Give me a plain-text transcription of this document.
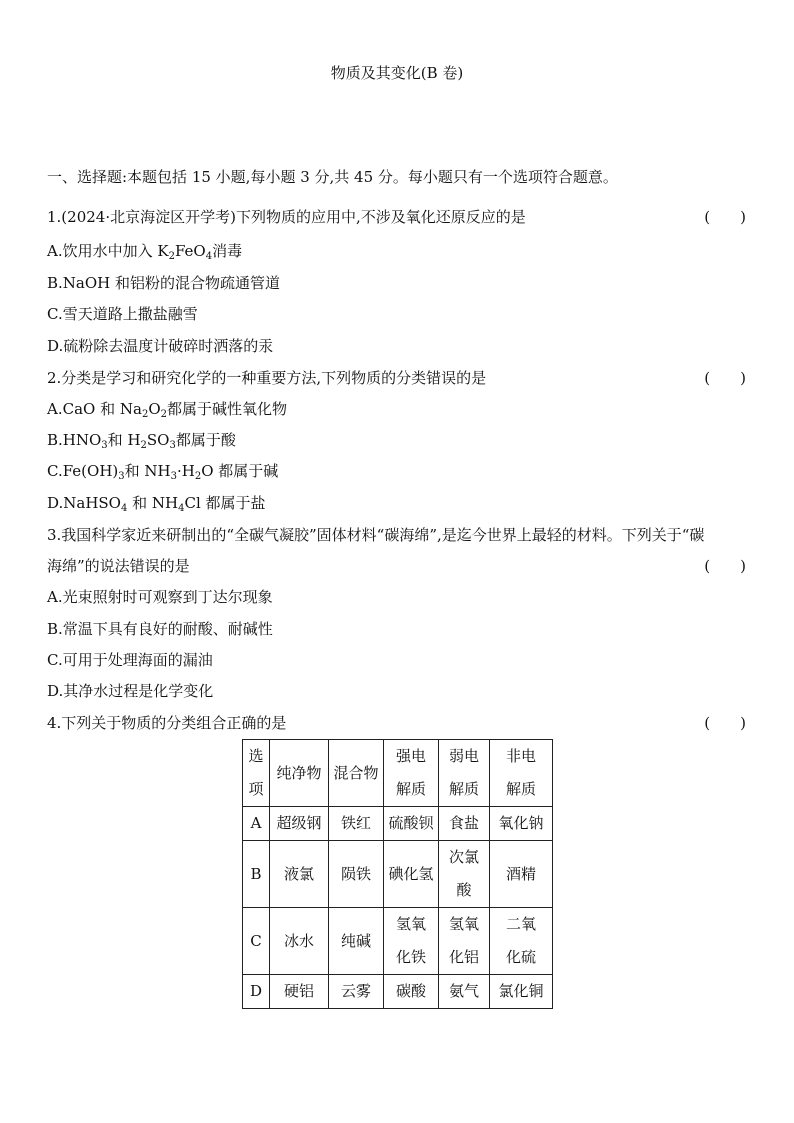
物质及其变化(B 卷)
一、选择题:本题包括 15 小题,每小题 3 分,共 45 分。每小题只有一个选项符合题意。
1.(2024·北京海淀区开学考)下列物质的应用中,不涉及氧化还原反应的是	(　　)
A.饮用水中加入 $K_2FeO_4$消毒
B.NaOH 和铝粉的混合物疏通管道
C.雪天道路上撒盐融雪
D.硫粉除去温度计破碎时洒落的汞
2.分类是学习和研究化学的一种重要方法,下列物质的分类错误的是	(　　)
A.CaO 和 $Na_2O_2$都属于碱性氧化物
$B.HNO_3$和 $H_2SO_3$都属于酸
$C.Fe(OH)_3$和 $NH_3\cdot H_2O$ 都属于碱
D.NaHSO$_4$ 和 $NH_4Cl$ 都属于盐
3.我国科学家近来研制出的“全碳气凝胶”固体材料“碳海绵”,是迄今世界上最轻的材料。下列关于“碳
海绵”的说法错误的是	(　　)
A.光束照射时可观察到丁达尔现象
B.常温下具有良好的耐酸、耐碱性
C.可用于处理海面的漏油
D.其净水过程是化学变化
4.下列关于物质的分类组合正确的是	(　　)
选项	纯净物	混合物	强电解质	弱电解质	非电解质

A	超级钢	铁红	硫酸钡	食盐	氧化钠
B	液氯	陨铁	碘化氢	次氯酸	酒精
C	冰水	纯碱	氢氧化铁	氢氧化铝	二氧化硫

D	硬铝	云雾	碳酸	氨气	氯化铜
